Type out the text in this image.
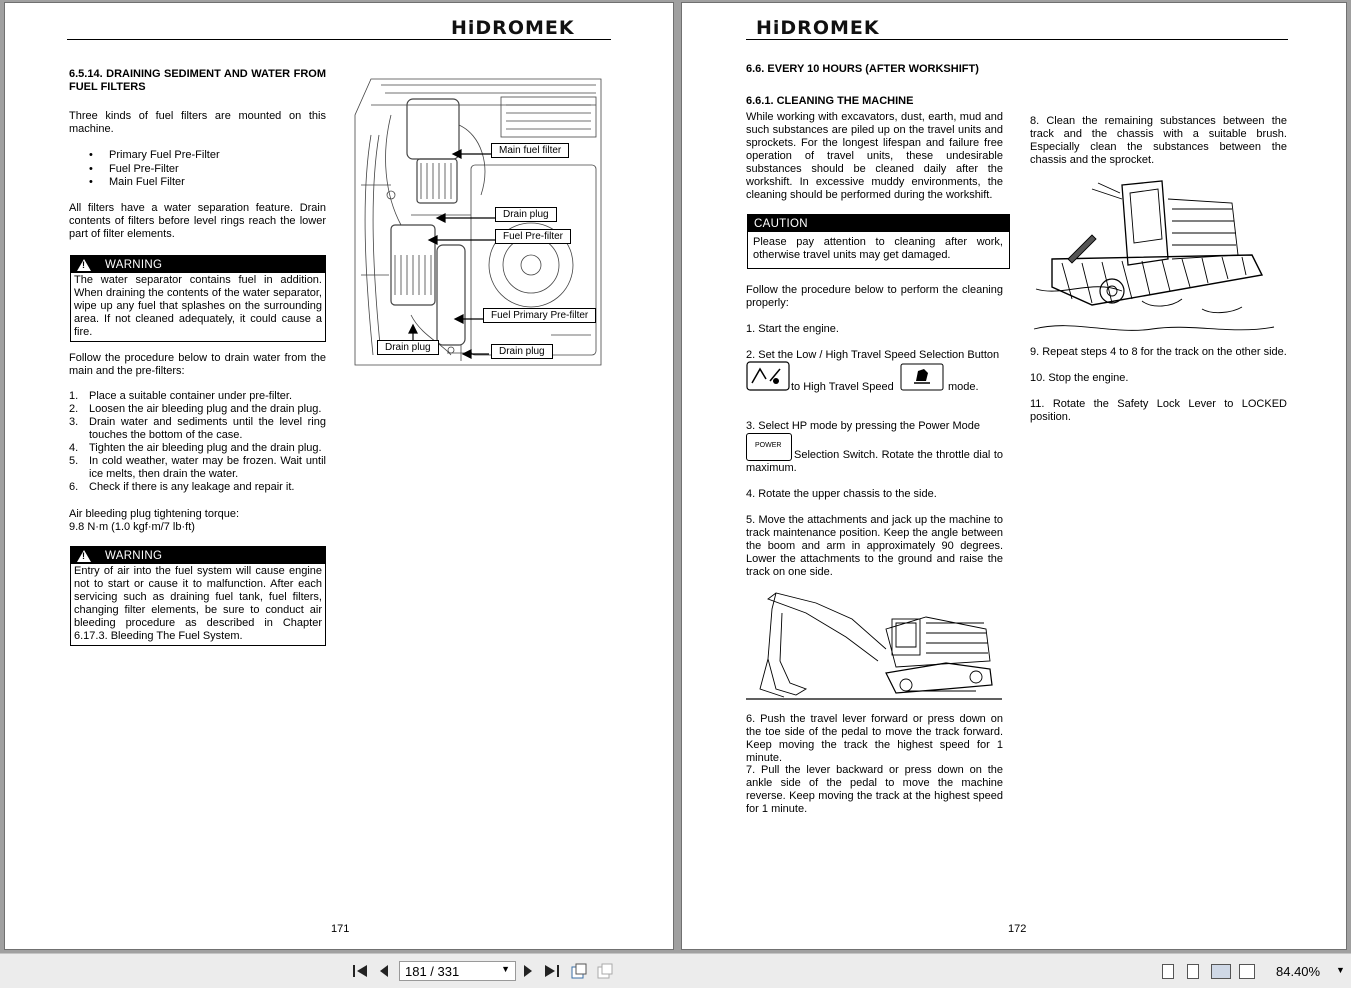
HiDROMEK
6.5.14. DRAINING SEDIMENT AND WATER FROM FUEL FILTERS
Three kinds of fuel filters are mounted on this machine.
• Primary Fuel Pre-Filter
• Fuel Pre-Filter
• Main Fuel Filter
All filters have a water separation feature. Drain contents of filters before level rings reach the lower part of filter elements.
!
WARNING
The water separator contains fuel in addition. When draining the contents of the water separator, wipe up any fuel that splashes on the surrounding area. If not cleaned adequately, it could cause a fire.
Follow the procedure below to drain water from the main and the pre-filters:
1. Place a suitable container under pre-filter.
2. Loosen the air bleeding plug and the drain plug.
3. Drain water and sediments until the level ring touches the bottom of the case.
4. Tighten the air bleeding plug and the drain plug.
5. In cold weather, water may be frozen. Wait until ice melts, then drain the water.
6. Check if there is any leakage and repair it.
Air bleeding plug tightening torque:
9.8 N·m (1.0 kgf·m/7 lb·ft)
!
WARNING
Entry of air into the fuel system will cause engine not to start or cause it to malfunction. After each servicing such as draining fuel tank, fuel filters, changing filter elements, be sure to conduct air bleeding procedure as described in Chapter 6.17.3. Bleeding The Fuel System.
Main fuel filter
Drain plug
Fuel Pre-filter
Fuel Primary Pre-filter
Drain plug	Drain plug
171
HiDROMEK
6.6. EVERY 10 HOURS (AFTER WORKSHIFT)
6.6.1. CLEANING THE MACHINE
While working with excavators, dust, earth, mud and such substances are piled up on the travel units and sprockets. For the longest lifespan and failure free operation of travel units, these undesirable substances should be cleaned daily after the workshift. In excessive muddy environments, the cleaning should be performed during the workshift.
CAUTION
Please pay attention to cleaning after work, otherwise travel units may get damaged.
Follow the procedure below to perform the cleaning properly:
1. Start the engine.
2. Set the Low / High Travel Speed Selection Button
to High Travel Speed	mode.
3. Select HP mode by pressing the Power Mode
POWER
Selection Switch. Rotate the throttle dial to maximum.
4. Rotate the upper chassis to the side.
5. Move the attachments and jack up the machine to track maintenance position. Keep the angle between the boom and arm in approximately 90 degrees. Lower the attachments to the ground and raise the track on one side.
6. Push the travel lever forward or press down on the toe side of the pedal to move the track forward. Keep moving the track the highest speed for 1 minute.
7. Pull the lever backward or press down on the ankle side of the pedal to move the machine reverse. Keep moving the track at the highest speed for 1 minute.
8. Clean the remaining substances between the track and the chassis with a suitable brush. Especially clean the substances between the chassis and the sprocket.
9. Repeat steps 4 to 8 for the track on the other side.
10. Stop the engine.
11. Rotate the Safety Lock Lever to LOCKED position.
172
181 / 331	▼	84.40% ▼
